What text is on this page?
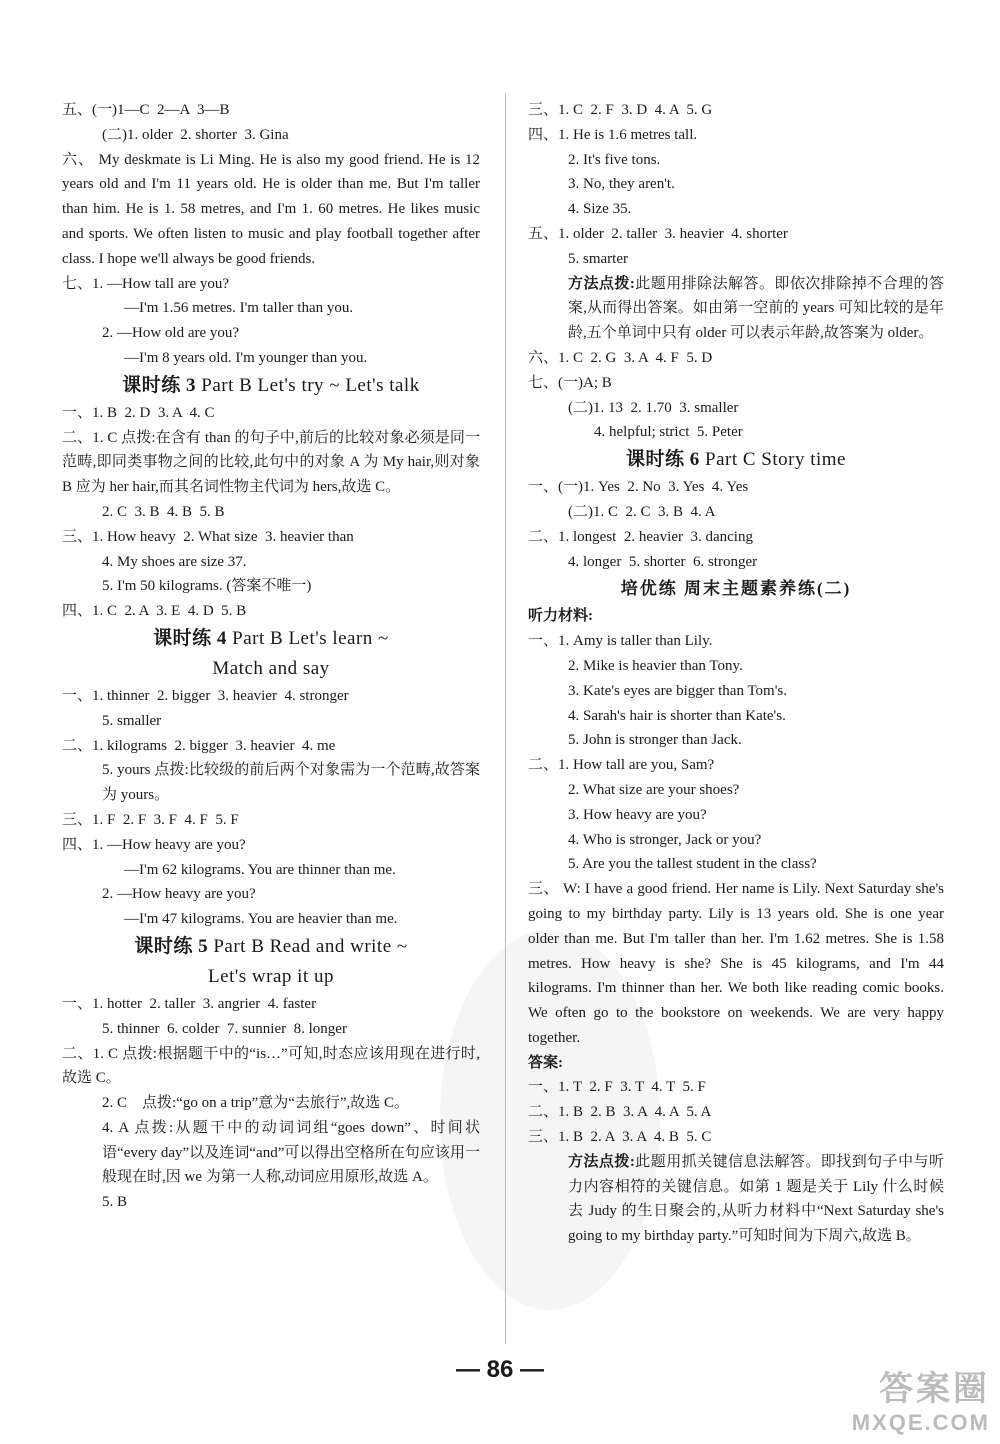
五、(一)1—C  2—A  3—B
(二)1. older  2. shorter  3. Gina
六、 My deskmate is Li Ming. He is also my good friend. He is 12 years old and I'm 11 years old. He is older than me. But I'm taller than him. He is 1. 58 metres, and I'm 1. 60 metres. He likes music and sports. We often listen to music and play football together after class. I hope we'll always be good friends.
七、1. —How tall are you?
—I'm 1.56 metres. I'm taller than you.
2. —How old are you?
—I'm 8 years old. I'm younger than you.
课时练 3 Part B Let's try ~ Let's talk
一、1. B  2. D  3. A  4. C
二、1. C 点拨:在含有 than 的句子中,前后的比较对象必须是同一范畴,即同类事物之间的比较,此句中的对象 A 为 My hair,则对象 B 应为 her hair,而其名词性物主代词为 hers,故选 C。
2. C  3. B  4. B  5. B
三、1. How heavy  2. What size  3. heavier than
4. My shoes are size 37.
5. I'm 50 kilograms. (答案不唯一)
四、1. C  2. A  3. E  4. D  5. B
课时练 4 Part B Let's learn ~
Match and say
一、1. thinner  2. bigger  3. heavier  4. stronger
5. smaller
二、1. kilograms  2. bigger  3. heavier  4. me
5. yours 点拨:比较级的前后两个对象需为一个范畴,故答案为 yours。
三、1. F  2. F  3. F  4. F  5. F
四、1. —How heavy are you?
—I'm 62 kilograms. You are thinner than me.
2. —How heavy are you?
—I'm 47 kilograms. You are heavier than me.
课时练 5 Part B Read and write ~
Let's wrap it up
一、1. hotter  2. taller  3. angrier  4. faster
5. thinner  6. colder  7. sunnier  8. longer
二、1. C 点拨:根据题干中的“is…”可知,时态应该用现在进行时,故选 C。
2. C    点拨:“go on a trip”意为“去旅行”,故选 C。
4. A 点拨:从题干中的动词词组“goes down”、时间状语“every day”以及连词“and”可以得出空格所在句应该用一般现在时,因 we 为第一人称,动词应用原形,故选 A。
5. B
三、1. C  2. F  3. D  4. A  5. G
四、1. He is 1.6 metres tall.
2. It's five tons.
3. No, they aren't.
4. Size 35.
五、1. older  2. taller  3. heavier  4. shorter
5. smarter
方法点拨:此题用排除法解答。即依次排除掉不合理的答案,从而得出答案。如由第一空前的 years 可知比较的是年龄,五个单词中只有 older 可以表示年龄,故答案为 older。
六、1. C  2. G  3. A  4. F  5. D
七、(一)A; B
(二)1. 13  2. 1.70  3. smaller
4. helpful; strict  5. Peter
课时练 6 Part C Story time
一、(一)1. Yes  2. No  3. Yes  4. Yes
(二)1. C  2. C  3. B  4. A
二、1. longest  2. heavier  3. dancing
4. longer  5. shorter  6. stronger
培优练 周末主题素养练(二)
听力材料:
一、1. Amy is taller than Lily.
2. Mike is heavier than Tony.
3. Kate's eyes are bigger than Tom's.
4. Sarah's hair is shorter than Kate's.
5. John is stronger than Jack.
二、1. How tall are you, Sam?
2. What size are your shoes?
3. How heavy are you?
4. Who is stronger, Jack or you?
5. Are you the tallest student in the class?
三、 W: I have a good friend. Her name is Lily. Next Saturday she's going to my birthday party. Lily is 13 years old. She is one year older than me. But I'm taller than her. I'm 1.62 metres. She is 1.58 metres. How heavy is she? She is 45 kilograms, and I'm 44 kilograms. I'm thinner than her. We both like reading comic books. We often go to the bookstore on weekends. We are very happy together.
答案:
一、1. T  2. F  3. T  4. T  5. F
二、1. B  2. B  3. A  4. A  5. A
三、1. B  2. A  3. A  4. B  5. C
方法点拨:此题用抓关键信息法解答。即找到句子中与听力内容相符的关键信息。如第 1 题是关于 Lily 什么时候去 Judy 的生日聚会的,从听力材料中“Next Saturday she's going to my birthday party.”可知时间为下周六,故选 B。
— 86 —
答案圈
MXQE.COM
